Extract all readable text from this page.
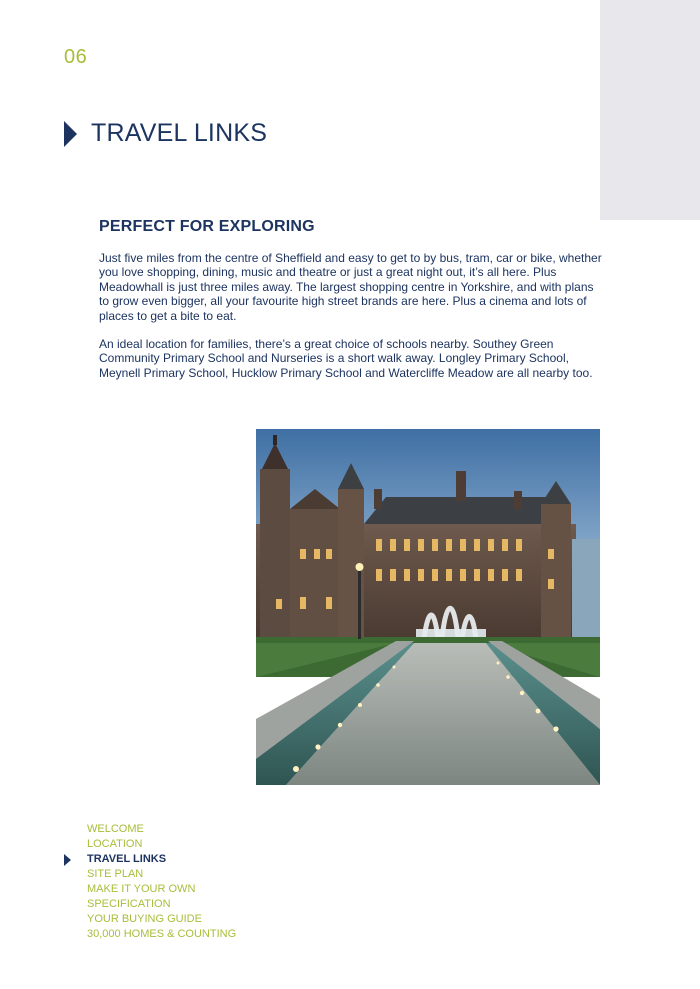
06
TRAVEL LINKS
PERFECT FOR EXPLORING

Just five miles from the centre of Sheffield and easy to get to by bus, tram, car or bike, whether you love shopping, dining, music and theatre or just a great night out, it’s all here. Plus Meadowhall is just three miles away. The largest shopping centre in Yorkshire, and with plans to grow even bigger, all your favourite high street brands are here. Plus a cinema and lots of places to get a bite to eat.

An ideal location for families, there’s a great choice of schools nearby. Southey Green Community Primary School and Nurseries is a short walk away. Longley Primary School, Meynell Primary School, Hucklow Primary School and Watercliffe Meadow are all nearby too.

WELCOME
LOCATION
TRAVEL LINKS
SITE PLAN
MAKE IT YOUR OWN
SPECIFICATION
YOUR BUYING GUIDE
30,000 HOMES & COUNTING
